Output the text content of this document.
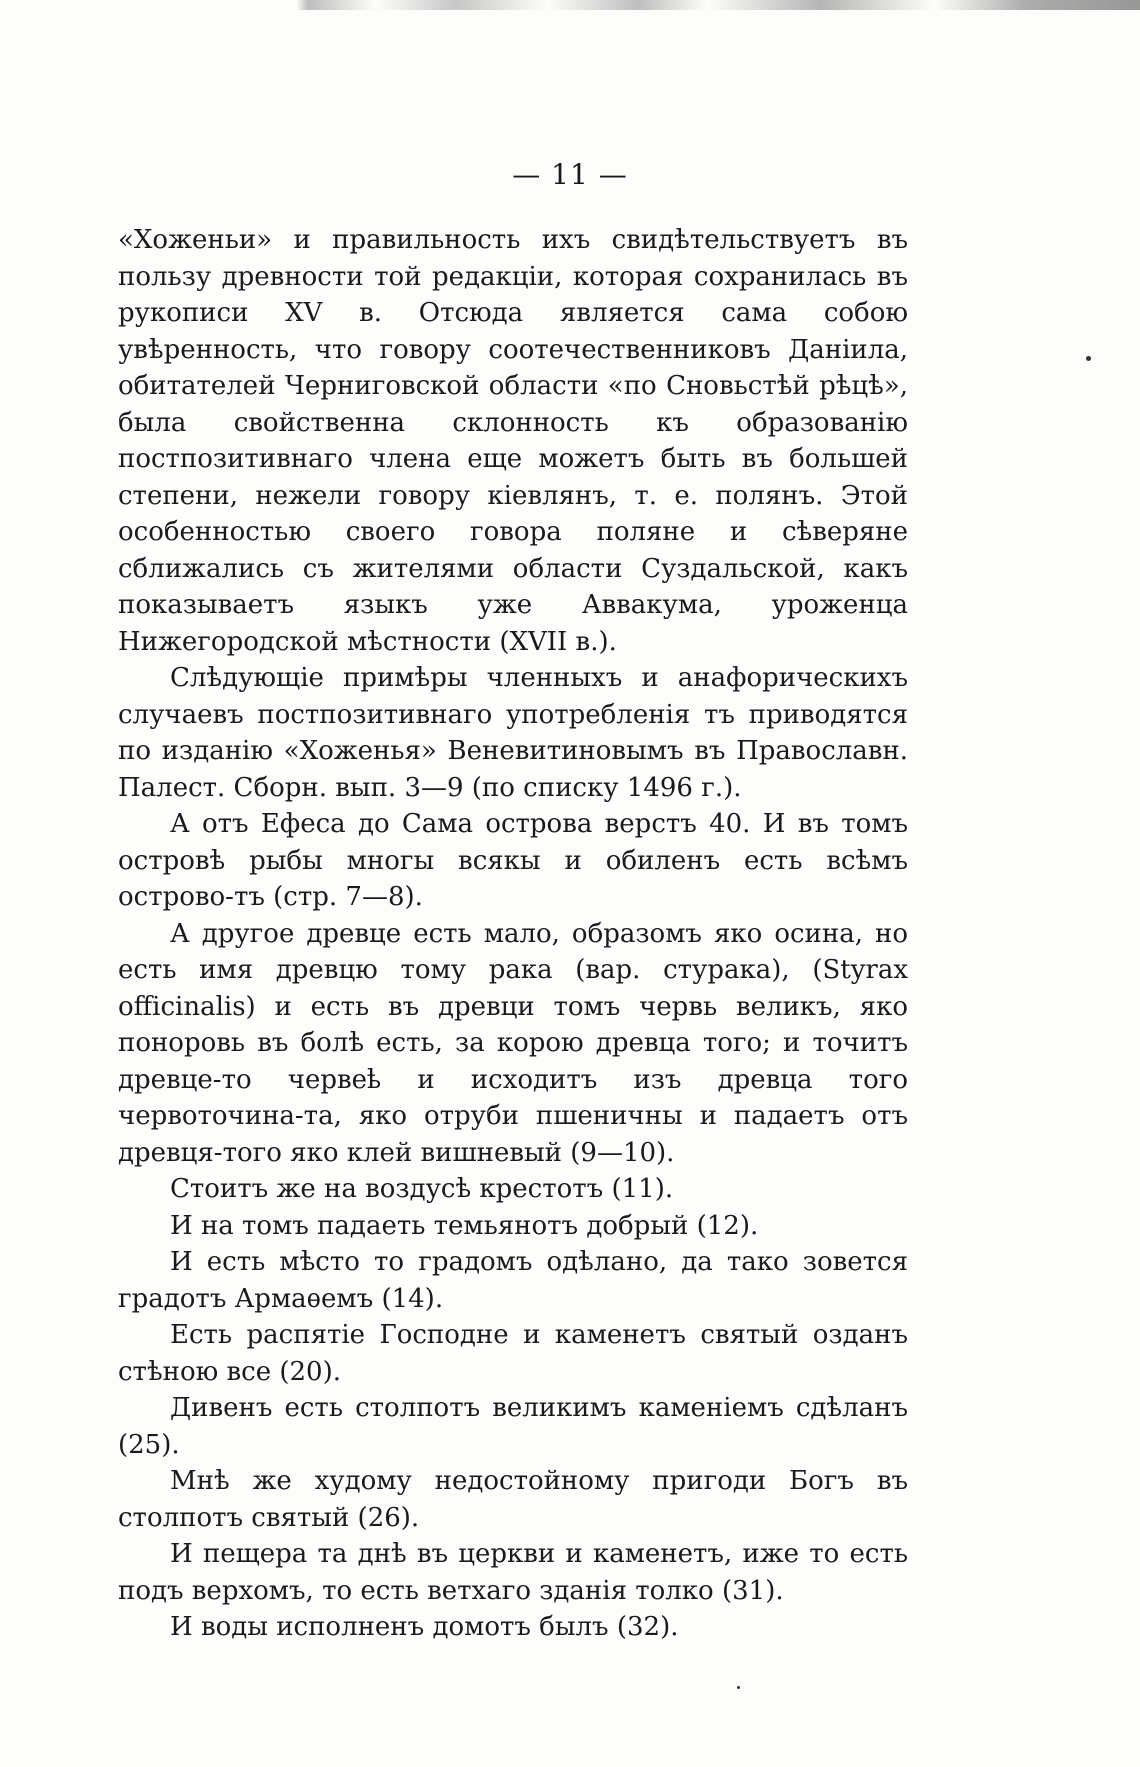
— 11 —

«Хоженьи» и правильность ихъ свидѣтельствуетъ въ пользу древности той редакціи, которая сохранилась въ рукописи XV в. Отсюда является сама собою увѣренность, что говору соотечественниковъ Даніила, обитателей Черниговской области «по Сновьстѣй рѣцѣ», была свойственна склонность къ образованію постпозитивнаго члена еще можетъ быть въ большей степени, нежели говору кіевлянъ, т. е. полянъ. Этой особенностью своего говора поляне и сѣверяне сближались съ жителями области Суздальской, какъ показываетъ языкъ уже Аввакума, уроженца Нижегородской мѣстности (XVII в.).

Слѣдующіе примѣры членныхъ и анафорическихъ случаевъ постпозитивнаго употребленія тъ приводятся по изданію «Хоженья» Веневитиновымъ въ Православн. Палест. Сборн. вып. 3—9 (по списку 1496 г.).

А отъ Ефеса до Сама острова верстъ 40. И въ томъ островѣ рыбы многы всякы и обиленъ есть всѣмъ острово-тъ (стр. 7—8).

А другое древце есть мало, образомъ яко осина, но есть имя древцю тому рака (вар. стурака), (Styrax officinalis) и есть въ древци томъ червь великъ, яко поноровь въ болѣ есть, за корою древца того; и точитъ древце-то червеҍ и исходитъ изъ древца того червоточина-та, яко отруби пшеничны и падаетъ отъ древця-того яко клей вишневый (9—10).

Стоитъ же на воздусѣ крестотъ (11).

И на томъ падаеть темьянотъ добрый (12).

И есть мѣсто то градомъ одѣлано, да тако зовется градотъ Армаѳемъ (14).

Есть распятіе Господне и каменетъ святый озданъ стѣною все (20).

Дивенъ есть столпотъ великимъ каменіемъ сдѣланъ (25).

Мнѣ же худому недостойному пригоди Богъ въ столпотъ святый (26).

И пещера та днѣ въ церкви и каменетъ, иже то есть подъ верхомъ, то есть ветхаго зданія толко (31).

И воды исполненъ домотъ былъ (32).
